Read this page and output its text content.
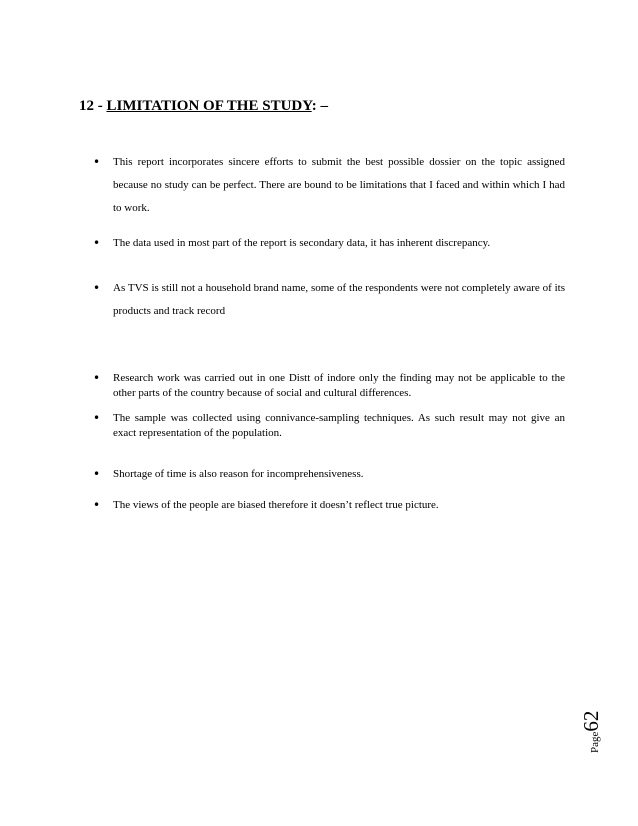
12 - LIMITATION OF THE STUDY: –
•	This report incorporates sincere efforts to submit the best possible dossier on the topic assigned because no study can be perfect. There are bound to be limitations that I faced and within which I had to work.
•	The data used in most part of the report is secondary data, it has inherent discrepancy.
•	As TVS is still not a household brand name, some of the respondents were not completely aware of its products and track record
•	Research work was carried out in one Distt of indore only the finding may not be applicable to the other parts of the country because of social and cultural differences.
•	The sample was collected using connivance-sampling techniques. As such result may not give an exact representation of the population.
•	Shortage of time is also reason for incomprehensiveness.
•	The views of the people are biased therefore it doesn’t reflect true picture.
Page62
